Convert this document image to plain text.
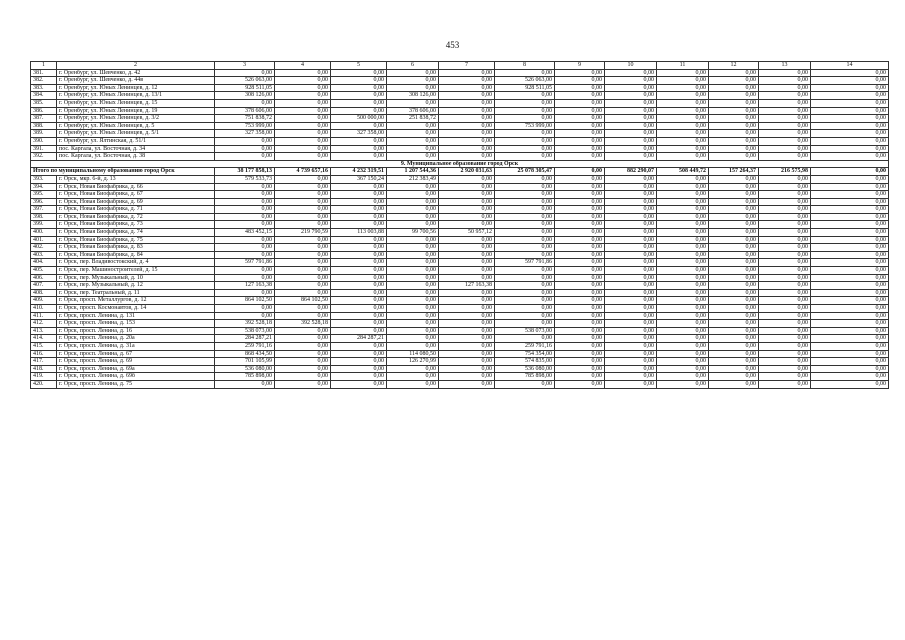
453
1	2	3	4	5	6	7	8	9	10	11	12	13	14
381.	г. Оренбург, ул. Шевченко, д. 42	0,00	0,00	0,00	0,00	0,00	0,00	0,00	0,00	0,00	0,00	0,00	0,00
382.	г. Оренбург, ул. Шевченко, д. 44в	526 063,00	0,00	0,00	0,00	0,00	526 063,00	0,00	0,00	0,00	0,00	0,00	0,00
383.	г. Оренбург, ул. Юных Ленинцев, д. 12	928 511,05	0,00	0,00	0,00	0,00	928 511,05	0,00	0,00	0,00	0,00	0,00	0,00
384.	г. Оренбург, ул. Юных Ленинцев, д. 13/1	308 126,00	0,00	0,00	308 126,00	0,00	0,00	0,00	0,00	0,00	0,00	0,00	0,00
385.	г. Оренбург, ул. Юных Ленинцев, д. 15	0,00	0,00	0,00	0,00	0,00	0,00	0,00	0,00	0,00	0,00	0,00	0,00
386.	г. Оренбург, ул. Юных Ленинцев, д. 19	378 606,00	0,00	0,00	378 606,00	0,00	0,00	0,00	0,00	0,00	0,00	0,00	0,00
387.	г. Оренбург, ул. Юных Ленинцев, д. 3/2	751 838,72	0,00	500 000,00	251 838,72	0,00	0,00	0,00	0,00	0,00	0,00	0,00	0,00
388.	г. Оренбург, ул. Юных Ленинцев, д. 5	753 999,00	0,00	0,00	0,00	0,00	753 999,00	0,00	0,00	0,00	0,00	0,00	0,00
389.	г. Оренбург, ул. Юных Ленинцев, д. 5/1	327 358,00	0,00	327 358,00	0,00	0,00	0,00	0,00	0,00	0,00	0,00	0,00	0,00
390.	г. Оренбург, ул. Ялтинская, д. 51/1	0,00	0,00	0,00	0,00	0,00	0,00	0,00	0,00	0,00	0,00	0,00	0,00
391.	пос. Каргала, ул. Восточная, д. 34	0,00	0,00	0,00	0,00	0,00	0,00	0,00	0,00	0,00	0,00	0,00	0,00
392.	пос. Каргала, ул. Восточная, д. 38	0,00	0,00	0,00	0,00	0,00	0,00	0,00	0,00	0,00	0,00	0,00	0,00
9. Муниципальное образование город Орск													
Итого по муниципальному образованию город Орск		38 177 858,13	4 739 657,16	4 232 319,51	1 207 544,36	2 920 031,63	25 078 305,47	0,00	882 290,07	508 449,72	157 264,37	216 575,98	0,00
393.	г. Орск, мкр. 6-й, д. 13	579 533,73	0,00	367 150,24	212 383,49	0,00	0,00	0,00	0,00	0,00	0,00	0,00	0,00
394.	г. Орск, Новая Биофабрика, д. 66	0,00	0,00	0,00	0,00	0,00	0,00	0,00	0,00	0,00	0,00	0,00	0,00
395.	г. Орск, Новая Биофабрика, д. 67	0,00	0,00	0,00	0,00	0,00	0,00	0,00	0,00	0,00	0,00	0,00	0,00
396.	г. Орск, Новая Биофабрика, д. 69	0,00	0,00	0,00	0,00	0,00	0,00	0,00	0,00	0,00	0,00	0,00	0,00
397.	г. Орск, Новая Биофабрика, д. 71	0,00	0,00	0,00	0,00	0,00	0,00	0,00	0,00	0,00	0,00	0,00	0,00
398.	г. Орск, Новая Биофабрика, д. 72	0,00	0,00	0,00	0,00	0,00	0,00	0,00	0,00	0,00	0,00	0,00	0,00
399.	г. Орск, Новая Биофабрика, д. 73	0,00	0,00	0,00	0,00	0,00	0,00	0,00	0,00	0,00	0,00	0,00	0,00
400.	г. Орск, Новая Биофабрика, д. 74	483 452,15	219 790,59	113 003,88	99 700,56	50 957,12	0,00	0,00	0,00	0,00	0,00	0,00	0,00
401.	г. Орск, Новая Биофабрика, д. 75	0,00	0,00	0,00	0,00	0,00	0,00	0,00	0,00	0,00	0,00	0,00	0,00
402.	г. Орск, Новая Биофабрика, д. 83	0,00	0,00	0,00	0,00	0,00	0,00	0,00	0,00	0,00	0,00	0,00	0,00
403.	г. Орск, Новая Биофабрика, д. 84	0,00	0,00	0,00	0,00	0,00	0,00	0,00	0,00	0,00	0,00	0,00	0,00
404.	г. Орск, пер. Владивостокский, д. 4	597 791,86	0,00	0,00	0,00	0,00	597 791,86	0,00	0,00	0,00	0,00	0,00	0,00
405.	г. Орск, пер. Машиностроителей, д. 15	0,00	0,00	0,00	0,00	0,00	0,00	0,00	0,00	0,00	0,00	0,00	0,00
406.	г. Орск, пер. Музыкальный, д. 10	0,00	0,00	0,00	0,00	0,00	0,00	0,00	0,00	0,00	0,00	0,00	0,00
407.	г. Орск, пер. Музыкальный, д. 12	127 163,38	0,00	0,00	0,00	127 163,38	0,00	0,00	0,00	0,00	0,00	0,00	0,00
408.	г. Орск, пер. Театральный, д. 11	0,00	0,00	0,00	0,00	0,00	0,00	0,00	0,00	0,00	0,00	0,00	0,00
409.	г. Орск, просп. Металлургов, д. 12	864 102,50	864 102,50	0,00	0,00	0,00	0,00	0,00	0,00	0,00	0,00	0,00	0,00
410.	г. Орск, просп. Космонавтов, д. 14	0,00	0,00	0,00	0,00	0,00	0,00	0,00	0,00	0,00	0,00	0,00	0,00
411.	г. Орск, просп. Ленина, д. 131	0,00	0,00	0,00	0,00	0,00	0,00	0,00	0,00	0,00	0,00	0,00	0,00
412.	г. Орск, просп. Ленина, д. 153	392 528,18	392 528,18	0,00	0,00	0,00	0,00	0,00	0,00	0,00	0,00	0,00	0,00
413.	г. Орск, просп. Ленина, д. 16	538 073,00	0,00	0,00	0,00	0,00	538 073,00	0,00	0,00	0,00	0,00	0,00	0,00
414.	г. Орск, просп. Ленина, д. 20а	284 287,21	0,00	284 287,21	0,00	0,00	0,00	0,00	0,00	0,00	0,00	0,00	0,00
415.	г. Орск, просп. Ленина, д. 31а	259 791,16	0,00	0,00	0,00	0,00	259 791,16	0,00	0,00	0,00	0,00	0,00	0,00
416.	г. Орск, просп. Ленина, д. 67	868 434,50	0,00	0,00	114 080,50	0,00	754 354,00	0,00	0,00	0,00	0,00	0,00	0,00
417.	г. Орск, просп. Ленина, д. 69	701 105,99	0,00	0,00	126 270,99	0,00	574 835,00	0,00	0,00	0,00	0,00	0,00	0,00
418.	г. Орск, просп. Ленина, д. 69а	536 080,00	0,00	0,00	0,00	0,00	536 080,00	0,00	0,00	0,00	0,00	0,00	0,00
419.	г. Орск, просп. Ленина, д. 69б	785 898,00	0,00	0,00	0,00	0,00	785 898,00	0,00	0,00	0,00	0,00	0,00	0,00
420.	г. Орск, просп. Ленина, д. 75	0,00	0,00	0,00	0,00	0,00	0,00	0,00	0,00	0,00	0,00	0,00	0,00
